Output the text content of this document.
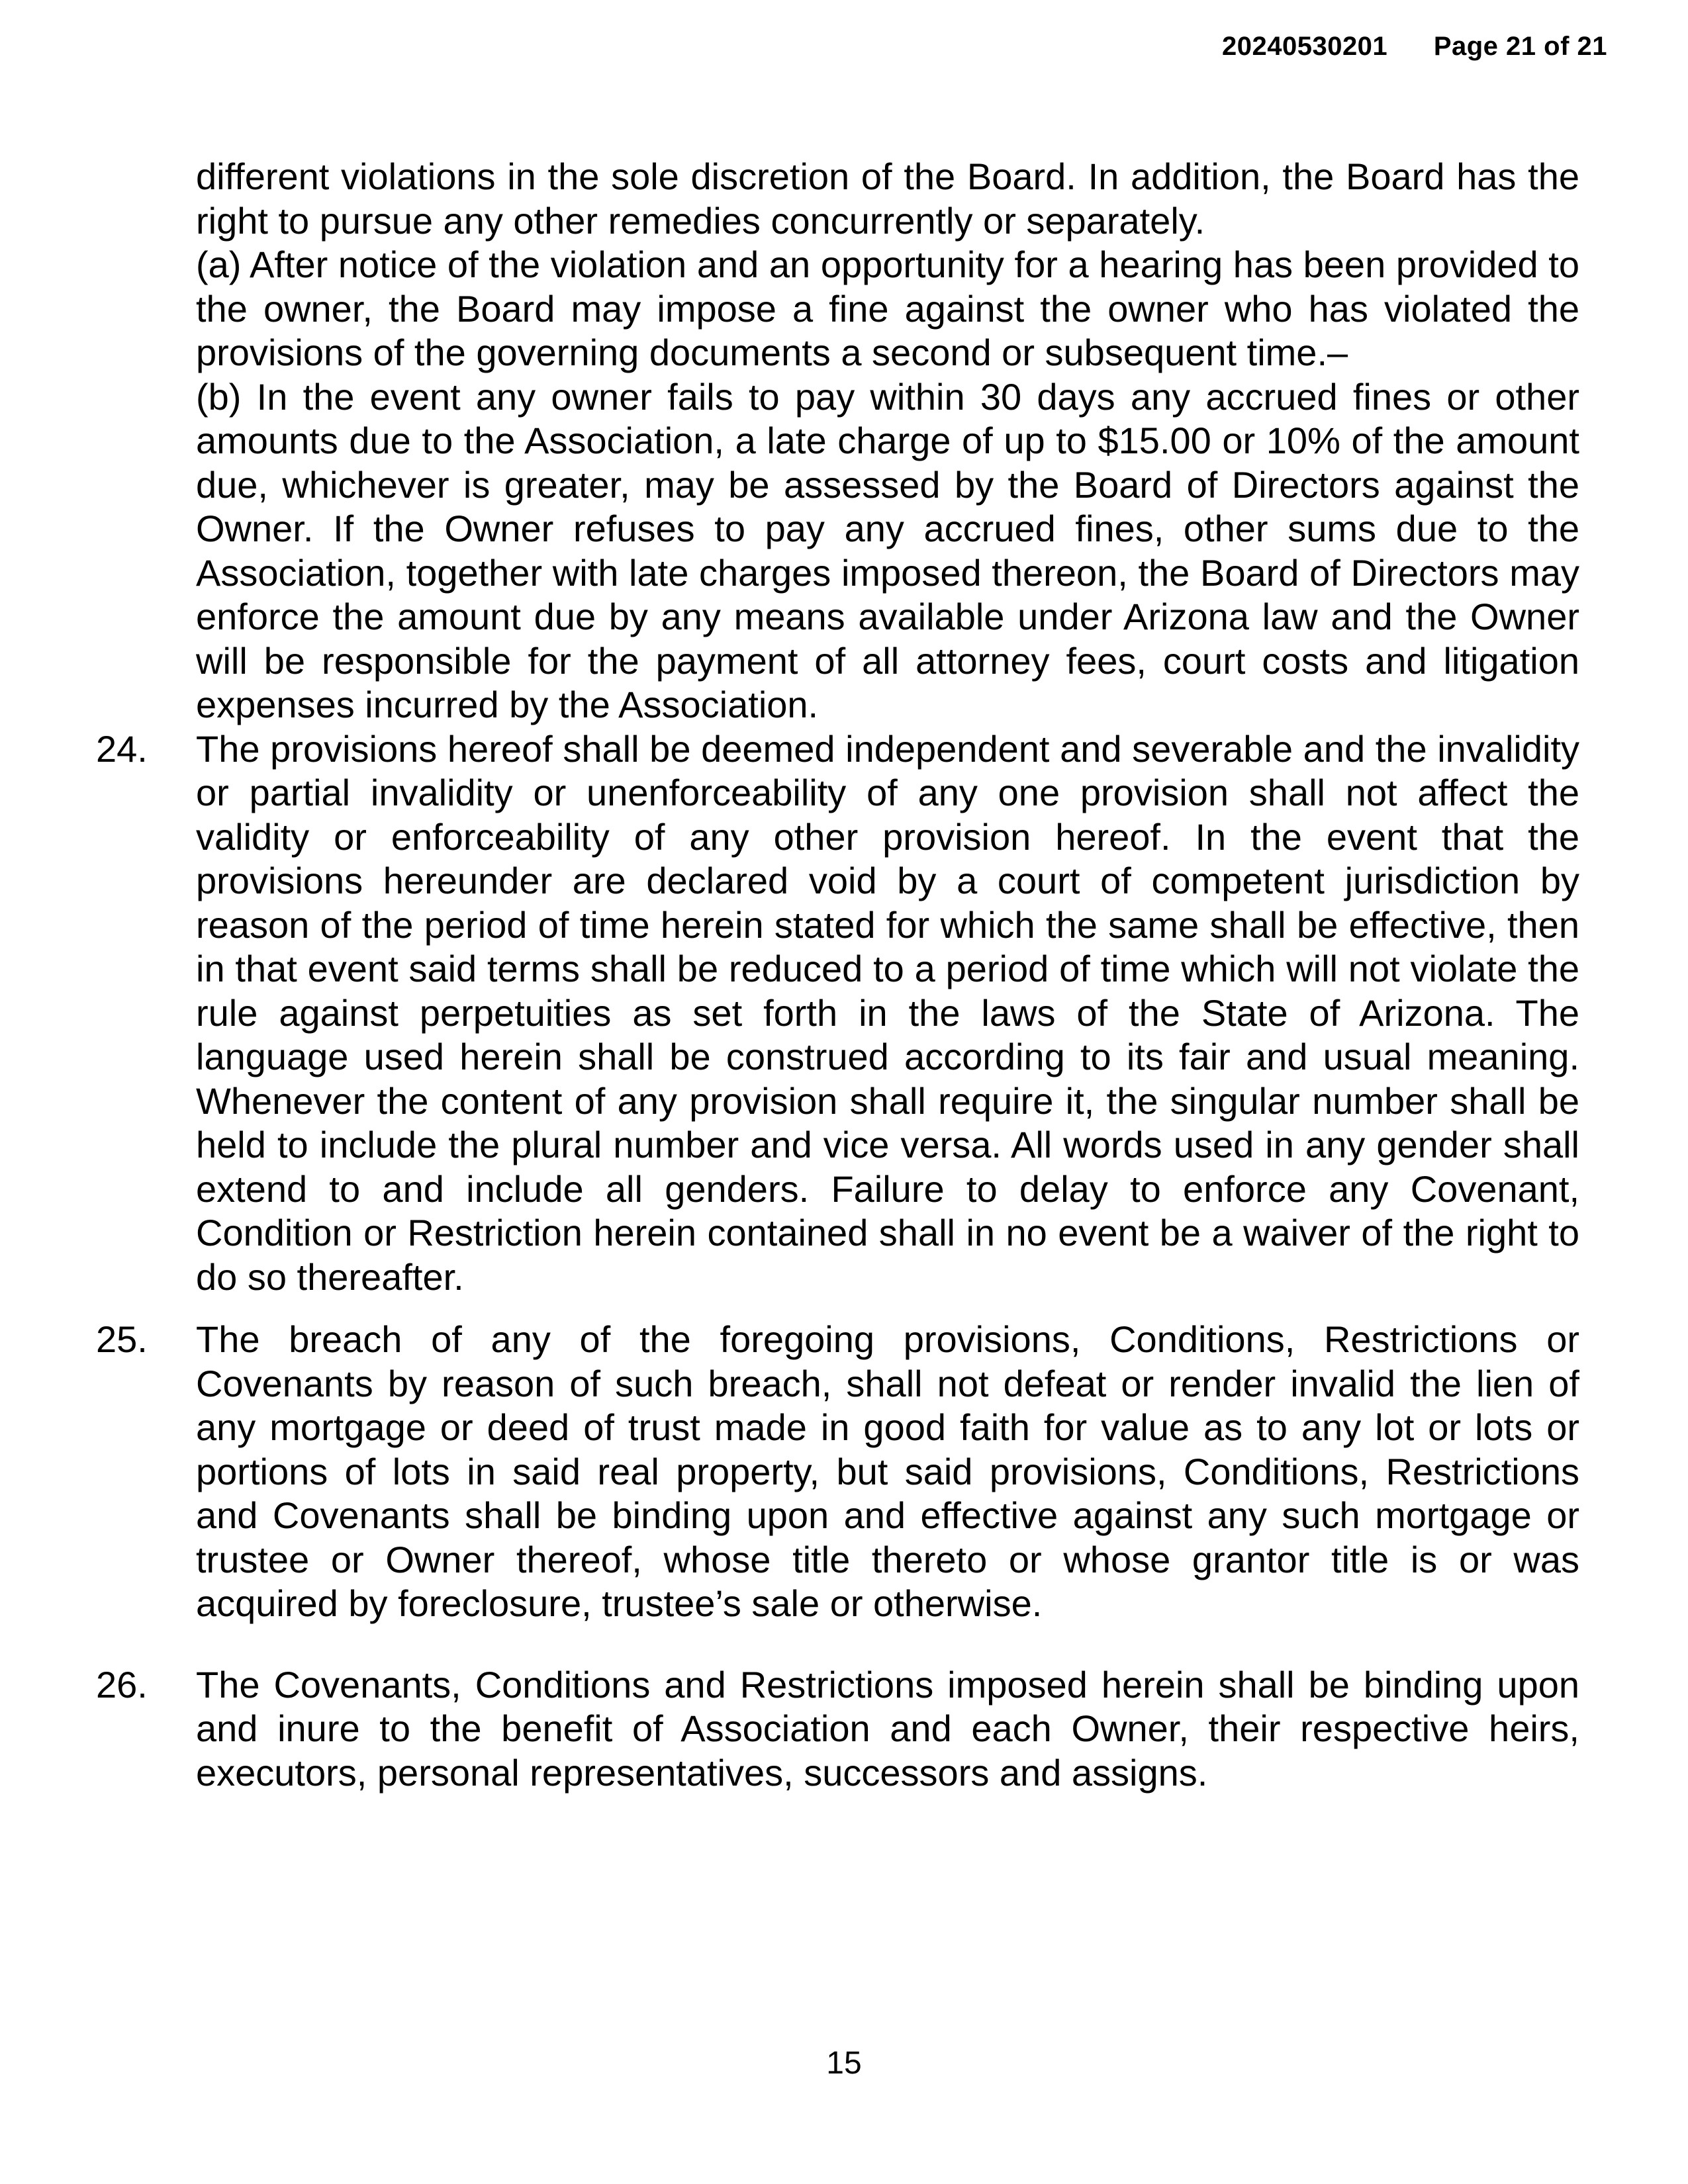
20240530201 Page 21 of 21

different violations in the sole discretion of the Board. In addition, the Board has the right to pursue any other remedies concurrently or separately.

(a) After notice of the violation and an opportunity for a hearing has been provided to the owner, the Board may impose a fine against the owner who has violated the provisions of the governing documents a second or subsequent time.–

(b) In the event any owner fails to pay within 30 days any accrued fines or other amounts due to the Association, a late charge of up to $15.00 or 10% of the amount due, whichever is greater, may be assessed by the Board of Directors against the Owner. If the Owner refuses to pay any accrued fines, other sums due to the Association, together with late charges imposed thereon, the Board of Directors may enforce the amount due by any means available under Arizona law and the Owner will be responsible for the payment of all attorney fees, court costs and litigation expenses incurred by the Association.

24.	The provisions hereof shall be deemed independent and severable and the invalidity or partial invalidity or unenforceability of any one provision shall not affect the validity or enforceability of any other provision hereof. In the event that the provisions hereunder are declared void by a court of competent jurisdiction by reason of the period of time herein stated for which the same shall be effective, then in that event said terms shall be reduced to a period of time which will not violate the rule against perpetuities as set forth in the laws of the State of Arizona. The language used herein shall be construed according to its fair and usual meaning. Whenever the content of any provision shall require it, the singular number shall be held to include the plural number and vice versa. All words used in any gender shall extend to and include all genders. Failure to delay to enforce any Covenant, Condition or Restriction herein contained shall in no event be a waiver of the right to do so thereafter.

25.	The breach of any of the foregoing provisions, Conditions, Restrictions or Covenants by reason of such breach, shall not defeat or render invalid the lien of any mortgage or deed of trust made in good faith for value as to any lot or lots or portions of lots in said real property, but said provisions, Conditions, Restrictions and Covenants shall be binding upon and effective against any such mortgage or trustee or Owner thereof, whose title thereto or whose grantor title is or was acquired by foreclosure, trustee’s sale or otherwise.

26.	The Covenants, Conditions and Restrictions imposed herein shall be binding upon and inure to the benefit of Association and each Owner, their respective heirs, executors, personal representatives, successors and assigns.

15
